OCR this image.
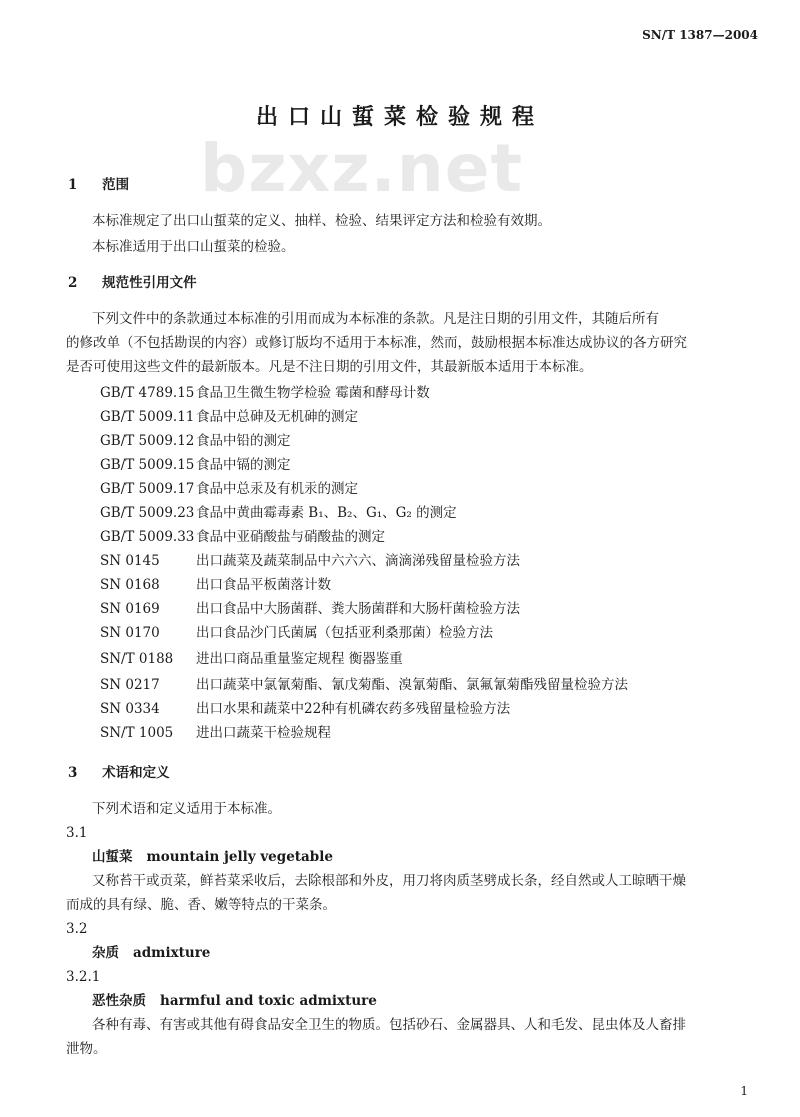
SN/T 1387—2004
bzxz.net
出口山蜇菜检验规程
1 范围
本标准规定了出口山蜇菜的定义、抽样、检验、结果评定方法和检验有效期。
本标准适用于出口山蜇菜的检验。
2 规范性引用文件
下列文件中的条款通过本标准的引用而成为本标准的条款。凡是注日期的引用文件，其随后所有
的修改单（不包括勘误的内容）或修订版均不适用于本标准，然而，鼓励根据本标准达成协议的各方研究
是否可使用这些文件的最新版本。凡是不注日期的引用文件，其最新版本适用于本标准。
GB/T 4789.15 食品卫生微生物学检验 霉菌和酵母计数
GB/T 5009.11 食品中总砷及无机砷的测定
GB/T 5009.12 食品中铅的测定
GB/T 5009.15 食品中镉的测定
GB/T 5009.17 食品中总汞及有机汞的测定
GB/T 5009.23 食品中黄曲霉毒素 B₁、B₂、G₁、G₂ 的测定
GB/T 5009.33 食品中亚硝酸盐与硝酸盐的测定
SN 0145	出口蔬菜及蔬菜制品中六六六、滴滴涕残留量检验方法
SN 0168	出口食品平板菌落计数
SN 0169	出口食品中大肠菌群、粪大肠菌群和大肠杆菌检验方法
SN 0170	出口食品沙门氏菌属（包括亚利桑那菌）检验方法
SN/T 0188 进出口商品重量鉴定规程 衡器鉴重
SN 0217	出口蔬菜中氯氰菊酯、氰戊菊酯、溴氰菊酯、氯氟氰菊酯残留量检验方法
SN 0334	出口水果和蔬菜中22种有机磷农药多残留量检验方法
SN/T 1005 进出口蔬菜干检验规程
3 术语和定义
下列术语和定义适用于本标准。
3.1
山蜇菜 mountain jelly vegetable
又称苔干或贡菜，鲜苔菜采收后，去除根部和外皮，用刀将肉质茎劈成长条，经自然或人工晾晒干燥
而成的具有绿、脆、香、嫩等特点的干菜条。
3.2
杂质 admixture
3.2.1
恶性杂质 harmful and toxic admixture
各种有毒、有害或其他有碍食品安全卫生的物质。包括砂石、金属器具、人和毛发、昆虫体及人畜排
泄物。
1
